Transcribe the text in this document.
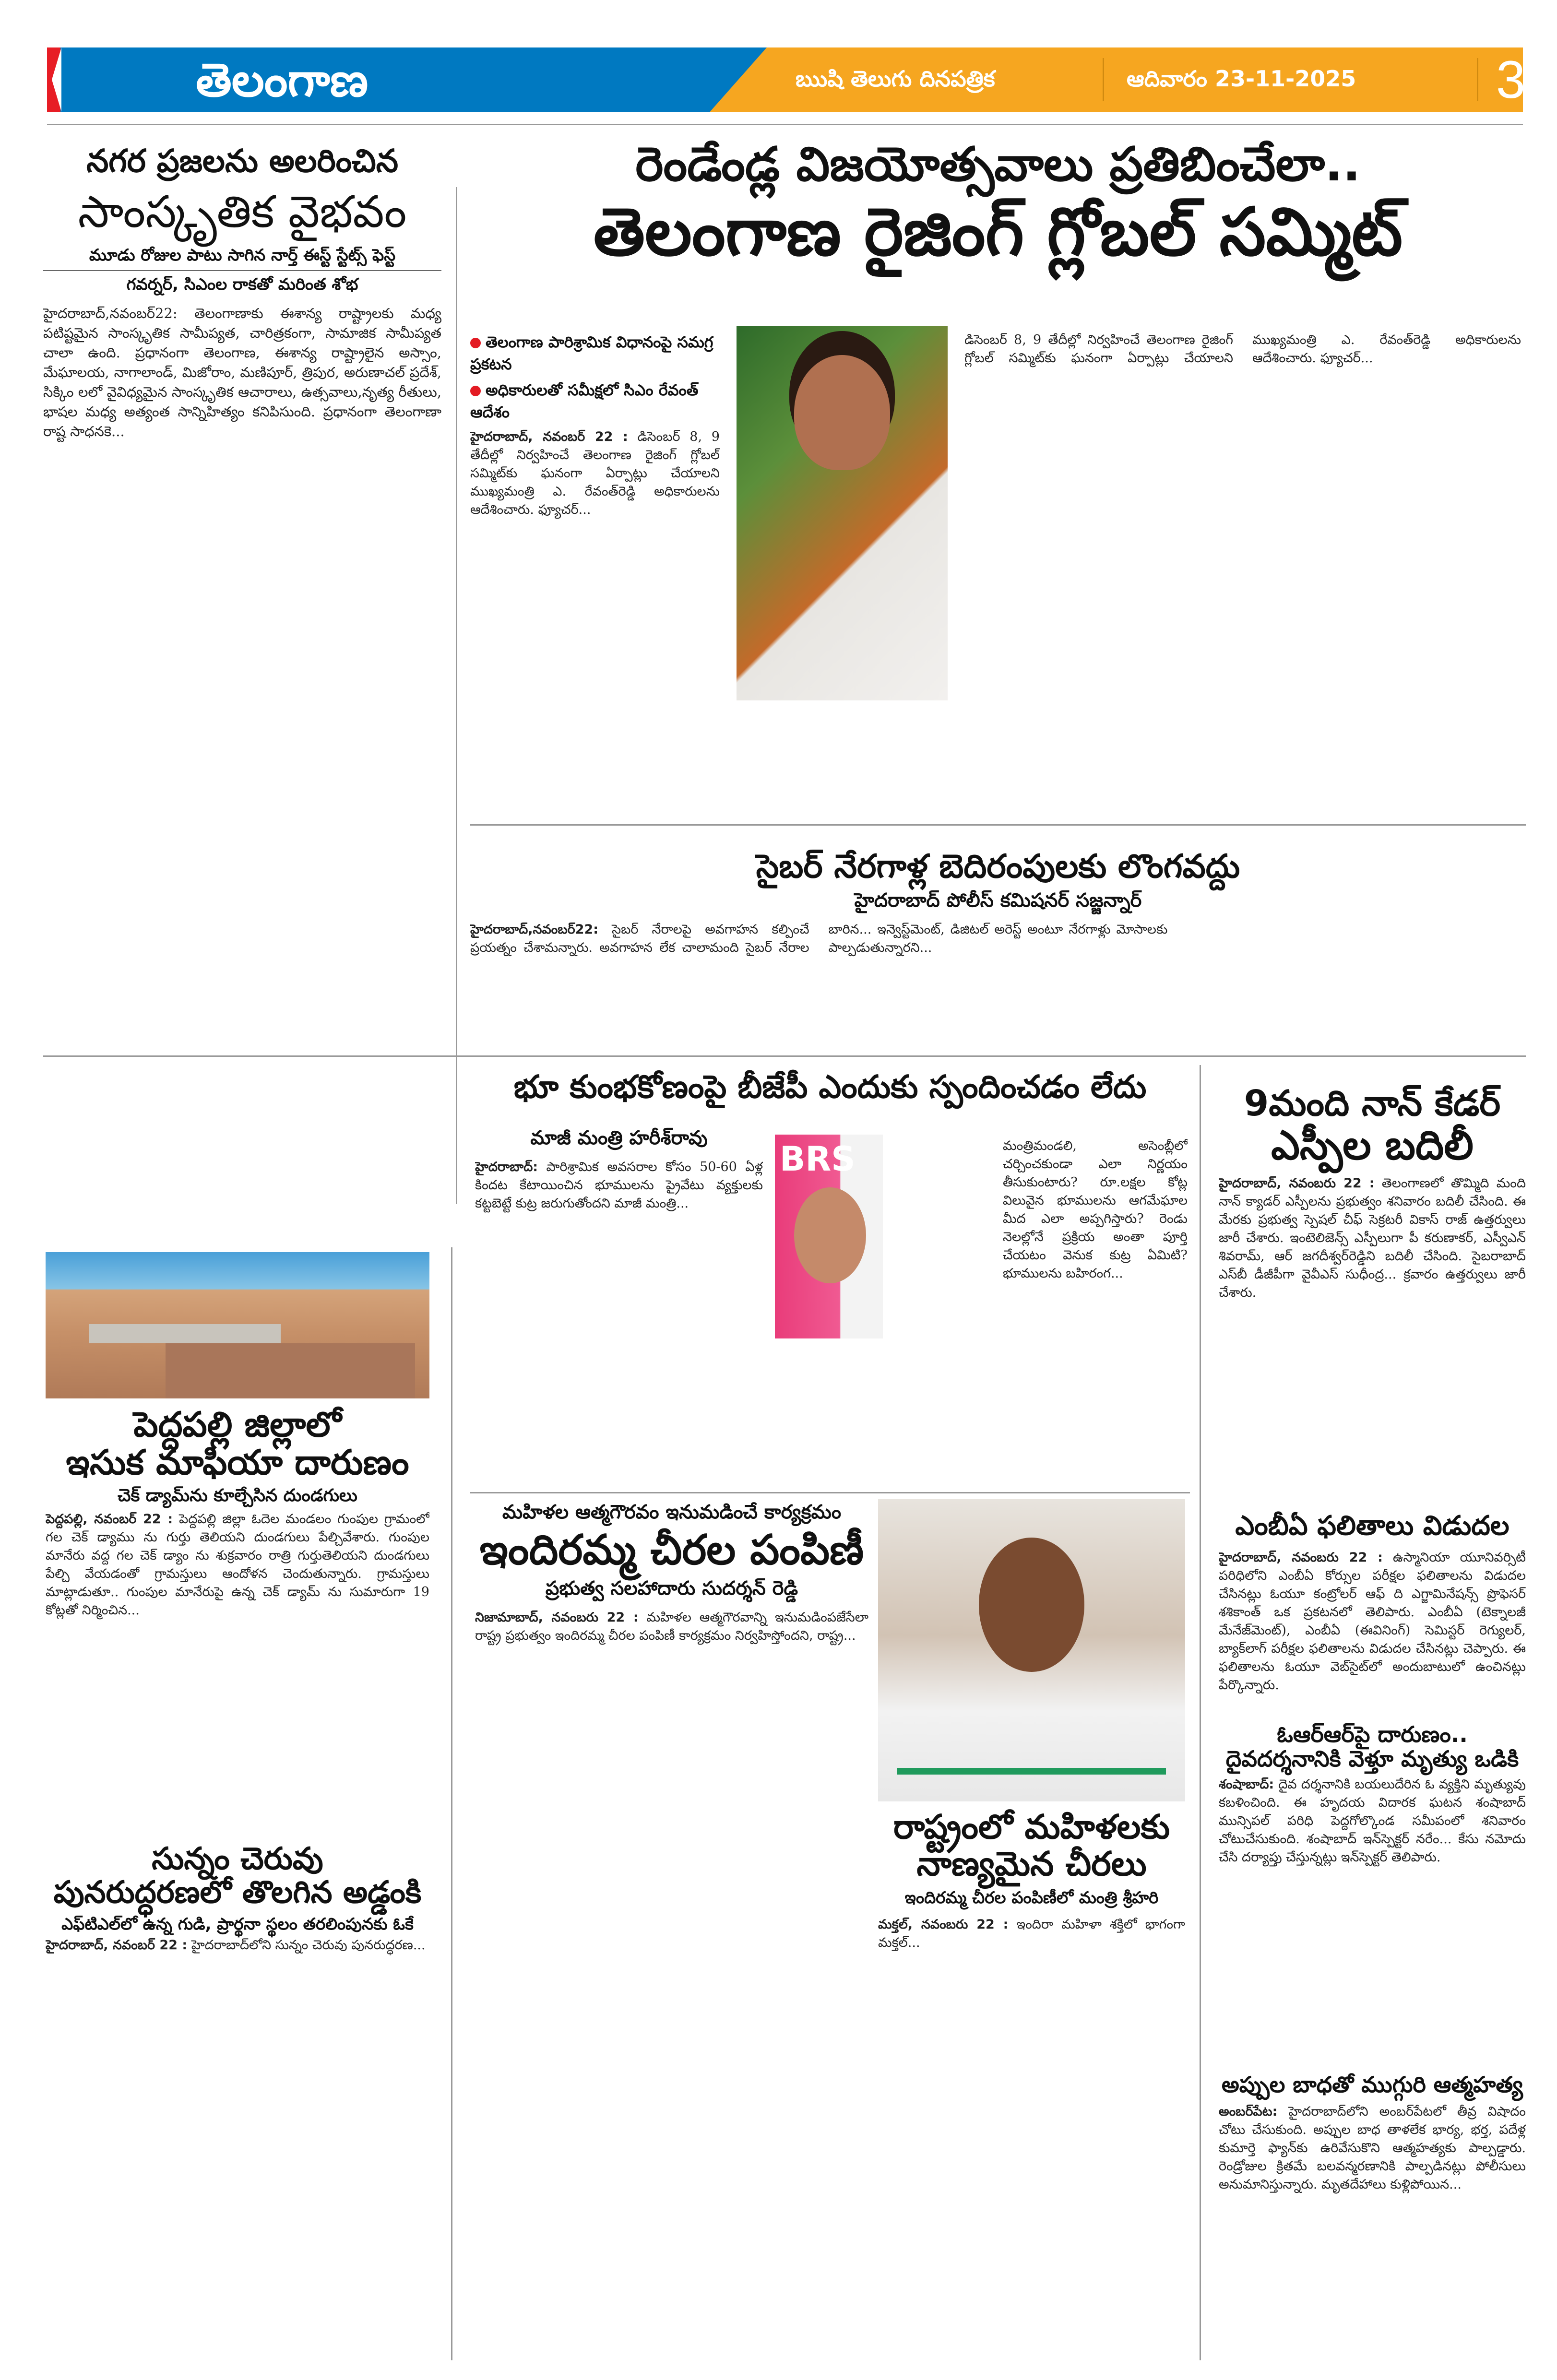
తెలంగాణ	ఋషి తెలుగు దినపత్రిక	ఆదివారం 23-11-2025	3
నగర ప్రజలను అలరించిన
సాంస్కృతిక వైభవం
మూడు రోజుల పాటు సాగిన నార్త్ ఈస్ట్ స్టేట్స్ ఫెస్ట్
గవర్నర్, సిఎంల రాకతో మరింత శోభ
హైదరాబాద్,నవంబర్22: తెలంగాణాకు ఈశాన్య రాష్ట్రాలకు మధ్య పటిష్టమైన సాంస్కృతిక సామీప్యత, చారిత్రకంగా, సామాజిక సామీప్యత చాలా ఉంది. ప్రధానంగా తెలంగాణ, ఈశాన్య రాష్ట్రాలైన అస్సాం, మేఘాలయ, నాగాలాండ్, మిజోరాం, మణిపూర్, త్రిపుర, అరుణాచల్ ప్రదేశ్, సిక్కిం లలో వైవిధ్యమైన సాంస్కృతిక ఆచారాలు, ఉత్సవాలు,నృత్య రీతులు, భాషల మధ్య అత్యంత సాన్నిహిత్యం కనిపిసుంది. ప్రధానంగా తెలంగాణా రాష్ట సాధనకె...
రెండేండ్ల విజయోత్సవాలు ప్రతిబించేలా..
తెలంగాణ రైజింగ్ గ్లోబల్ సమ్మిట్
తెలంగాణ పారిశ్రామిక విధానంపై సమగ్ర ప్రకటన
అధికారులతో సమీక్షలో సిఎం రేవంత్ ఆదేశం
హైదరాబాద్, నవంబర్ 22 : డిసెంబర్ 8, 9 తేదీల్లో నిర్వహించే తెలంగాణ రైజింగ్ గ్లోబల్ సమ్మిట్‌కు ఘనంగా ఏర్పాట్లు చేయాలని ముఖ్యమంత్రి ఎ. రేవంత్‌రెడ్డి అధికారులను ఆదేశించారు. ఫ్యూచర్...
డిసెంబర్ 8, 9 తేదీల్లో నిర్వహించే తెలంగాణ రైజింగ్ గ్లోబల్ సమ్మిట్‌కు ఘనంగా ఏర్పాట్లు చేయాలని ముఖ్యమంత్రి ఎ. రేవంత్‌రెడ్డి అధికారులను ఆదేశించారు. ఫ్యూచర్...
సైబర్ నేరగాళ్ల బెదిరంపులకు లొంగవద్దు
హైదరాబాద్ పోలీస్ కమిషనర్ సజ్జన్నార్
హైదరాబాద్,నవంబర్22: సైబర్ నేరాలపై అవగాహన కల్పించే ప్రయత్నం చేశామన్నారు. అవగాహన లేక చాలామంది సైబర్ నేరాల బారిన... ఇన్వెస్ట్‌మెంట్, డిజిటల్ అరెస్ట్ అంటూ నేరగాళ్లు మోసాలకు పాల్పడుతున్నారని...
భూ కుంభకోణంపై బీజేపీ ఎందుకు స్పందించడం లేదు
మాజీ మంత్రి హరీశ్‌రావు
హైదరాబాద్: పారిశ్రామిక అవసరాల కోసం 50-60 ఏళ్ల కిందట కేటాయించిన భూములను ప్రైవేటు వ్యక్తులకు కట్టబెట్టే కుట్ర జరుగుతోందని మాజీ మంత్రి...
BRS	మంత్రిమండలి, అసెంబ్లీలో చర్చించకుండా ఎలా నిర్ణయం తీసుకుంటారు? రూ.లక్షల కోట్ల విలువైన భూములను ఆగమేఘాల మీద ఎలా అప్పగిస్తారు? రెండు నెలల్లోనే ప్రక్రియ అంతా పూర్తి చేయటం వెనుక కుట్ర ఏమిటి? భూములను బహిరంగ...
9మంది నాన్ కేడర్
ఎస్పీల బదిలీ
హైదరాబాద్, నవంబరు 22 : తెలంగాణలో తొమ్మిది మంది నాన్ క్యాడర్ ఎస్పీలను ప్రభుత్వం శనివారం బదిలీ చేసింది. ఈ మేరకు ప్రభుత్వ స్పెషల్ చీఫ్ సెక్రటరీ వికాస్ రాజ్ ఉత్తర్వులు జారీ చేశారు. ఇంటెలిజెన్స్ ఎస్పీలుగా పీ కరుణాకర్, ఎస్వీఎన్ శివరామ్, ఆర్ జగదీశ్వర్‌రెడ్డిని బదిలీ చేసింది. సైబరాబాద్ ఎస్‌బీ డీజీపీగా వైవీఎస్ సుధీంద్ర... క్రవారం ఉత్తర్వులు జారీ చేశారు.
పెద్దపల్లి జిల్లాలో
ఇసుక మాఫియా దారుణం
చెక్ డ్యామ్‌ను కూల్చేసిన దుండగులు
పెద్దపల్లి, నవంబర్ 22 : పెద్దపల్లి జిల్లా ఓదెల మండలం గుంపుల గ్రామంలో గల చెక్ డ్యాము ను గుర్తు తెలియని దుండగులు పేల్చివేశారు. గుంపుల మానేరు వద్ద గల చెక్ డ్యాం ను శుక్రవారం రాత్రి గుర్తుతెలియని దుండగులు పేల్చి వేయడంతో గ్రామస్తులు ఆందోళన చెందుతున్నారు. గ్రామస్తులు మాట్లాడుతూ.. గుంపుల మానేరుపై ఉన్న చెక్ డ్యామ్ ను సుమారుగా 19 కోట్లతో నిర్మించిన...
సున్నం చెరువు
పునరుద్ధరణలో తొలగిన అడ్డంకి
ఎఫ్‌టిఎల్‌లో ఉన్న గుడి, ప్రార్థనా స్థలం తరలింపునకు ఓకే
హైదరాబాద్, నవంబర్ 22 : హైదరాబాద్‌లోని సున్నం చెరువు పునరుద్ధరణ...
మహిళల ఆత్మగౌరవం ఇనుమడించే కార్యక్రమం
ఇందిరమ్మ చీరల పంపిణీ
ప్రభుత్వ సలహాదారు సుదర్శన్ రెడ్డి
నిజామాబాద్, నవంబరు 22 : మహిళల ఆత్మగౌరవాన్ని ఇనుమడింపజేసేలా రాష్ట్ర ప్రభుత్వం ఇందిరమ్మ చీరల పంపిణీ కార్యక్రమం నిర్వహిస్తోందని, రాష్ట్ర...
రాష్ట్రంలో మహిళలకు
నాణ్యమైన చీరలు
ఇందిరమ్మ చీరల పంపిణీలో మంత్రి శ్రీహరి
మక్తల్, నవంబరు 22 : ఇందిరా మహిళా శక్తిలో భాగంగా మక్తల్...
ఎంబీఏ ఫలితాలు విడుదల
హైదరాబాద్, నవంబరు 22 : ఉస్మానియా యూనివర్సిటీ పరిధిలోని ఎంబీఏ కోర్సుల పరీక్షల ఫలితాలను విడుదల చేసినట్లు ఓయూ కంట్రోలర్ ఆఫ్ ది ఎగ్జామినేషన్స్ ప్రొఫెసర్ శశికాంత్ ఒక ప్రకటనలో తెలిపారు. ఎంబీఏ (టెక్నాలజీ మేనేజ్‌మెంట్), ఎంబీఏ (ఈవినింగ్) సెమిస్టర్ రెగ్యులర్, బ్యాక్‌లాగ్ పరీక్షల ఫలితాలను విడుదల చేసినట్లు చెప్పారు. ఈ ఫలితాలను ఓయూ వెబ్‌సైట్‌లో అందుబాటులో ఉంచినట్లు పేర్కొన్నారు.
ఓఆర్ఆర్‌పై దారుణం..
దైవదర్శనానికి వెళ్తూ మృత్యు ఒడికి
శంషాబాద్: దైవ దర్శనానికి బయలుదేరిన ఓ వ్యక్తిని మృత్యువు కబళించింది. ఈ హృదయ విదారక ఘటన శంషాబాద్ మున్సిపల్ పరిధి పెద్దగోల్కొండ సమీపంలో శనివారం చోటుచేసుకుంది. శంషాబాద్ ఇన్‌స్పెక్టర్ నరేం... కేసు నమోదు చేసి దర్యాప్తు చేస్తున్నట్లు ఇన్‌స్పెక్టర్ తెలిపారు.
అప్పుల బాధతో ముగ్గురి ఆత్మహత్య
అంబర్‌పేట: హైదరాబాద్‌లోని అంబర్‌పేటలో తీవ్ర విషాదం చోటు చేసుకుంది. అప్పుల బాధ తాళలేక భార్య, భర్త, పదేళ్ల కుమార్తె ఫ్యాన్‌కు ఉరివేసుకొని ఆత్మహత్యకు పాల్పడ్డారు. రెండ్రోజుల క్రితమే బలవన్మరణానికి పాల్పడినట్లు పోలీసులు అనుమానిస్తున్నారు. మృతదేహాలు కుళ్లిపోయిన...
